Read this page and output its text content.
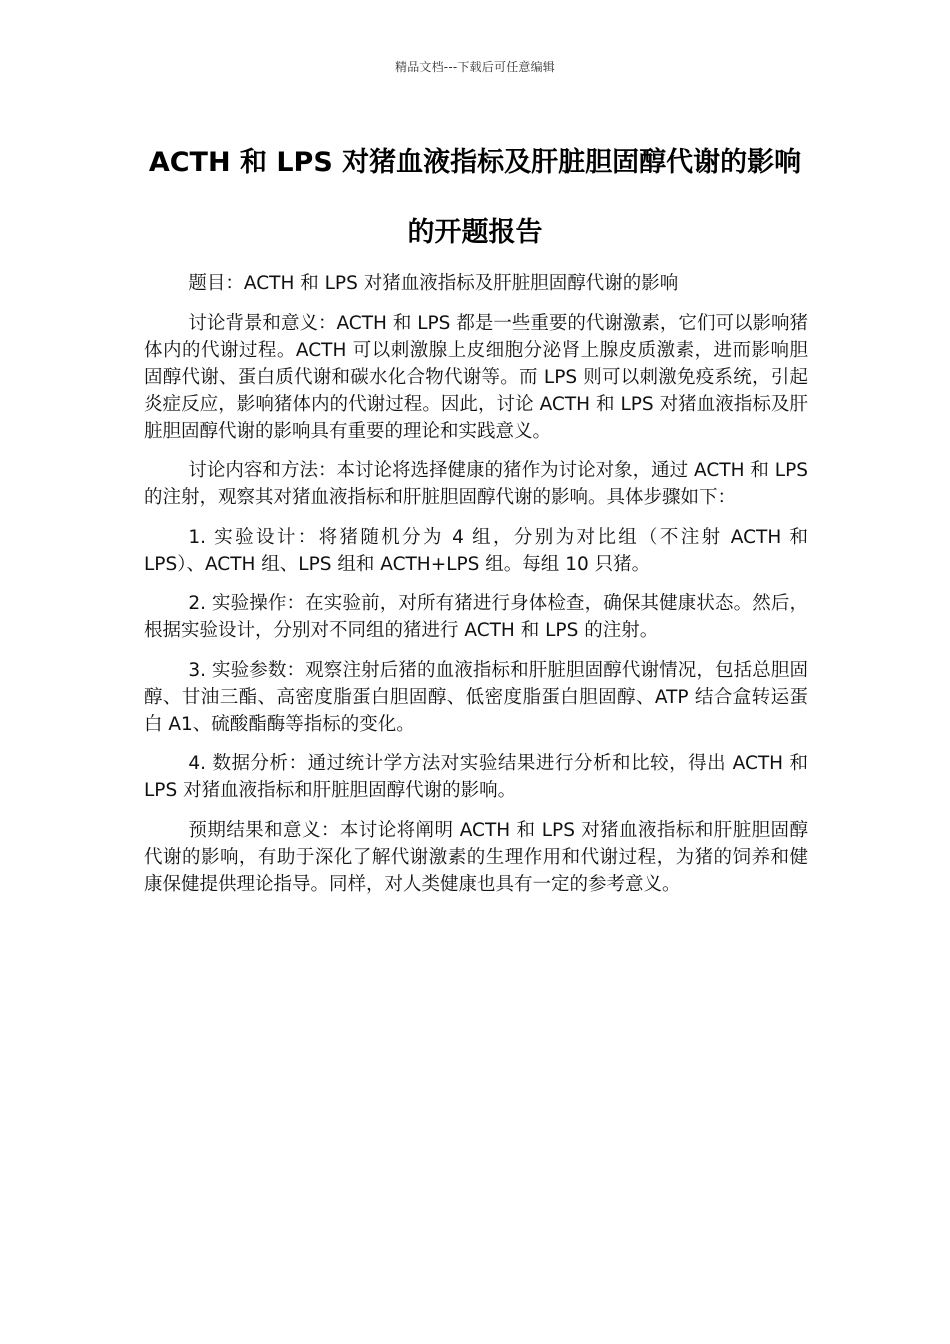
精品文档---下载后可任意编辑
ACTH 和 LPS 对猪血液指标及肝脏胆固醇代谢的影响的开题报告

题目：ACTH 和 LPS 对猪血液指标及肝脏胆固醇代谢的影响

讨论背景和意义：ACTH 和 LPS 都是一些重要的代谢激素，它们可以影响猪体内的代谢过程。ACTH 可以刺激腺上皮细胞分泌肾上腺皮质激素，进而影响胆固醇代谢、蛋白质代谢和碳水化合物代谢等。而 LPS 则可以刺激免疫系统，引起炎症反应，影响猪体内的代谢过程。因此，讨论 ACTH 和 LPS 对猪血液指标及肝脏胆固醇代谢的影响具有重要的理论和实践意义。

讨论内容和方法：本讨论将选择健康的猪作为讨论对象，通过 ACTH 和 LPS 的注射，观察其对猪血液指标和肝脏胆固醇代谢的影响。具体步骤如下：

1. 实验设计：将猪随机分为 4 组，分别为对比组（不注射 ACTH 和 LPS）、ACTH 组、LPS 组和 ACTH+LPS 组。每组 10 只猪。

2. 实验操作：在实验前，对所有猪进行身体检查，确保其健康状态。然后，根据实验设计，分别对不同组的猪进行 ACTH 和 LPS 的注射。

3. 实验参数：观察注射后猪的血液指标和肝脏胆固醇代谢情况，包括总胆固醇、甘油三酯、高密度脂蛋白胆固醇、低密度脂蛋白胆固醇、ATP 结合盒转运蛋白 A1、硫酸酯酶等指标的变化。

4. 数据分析：通过统计学方法对实验结果进行分析和比较，得出 ACTH 和 LPS 对猪血液指标和肝脏胆固醇代谢的影响。

预期结果和意义：本讨论将阐明 ACTH 和 LPS 对猪血液指标和肝脏胆固醇代谢的影响，有助于深化了解代谢激素的生理作用和代谢过程，为猪的饲养和健康保健提供理论指导。同样，对人类健康也具有一定的参考意义。
